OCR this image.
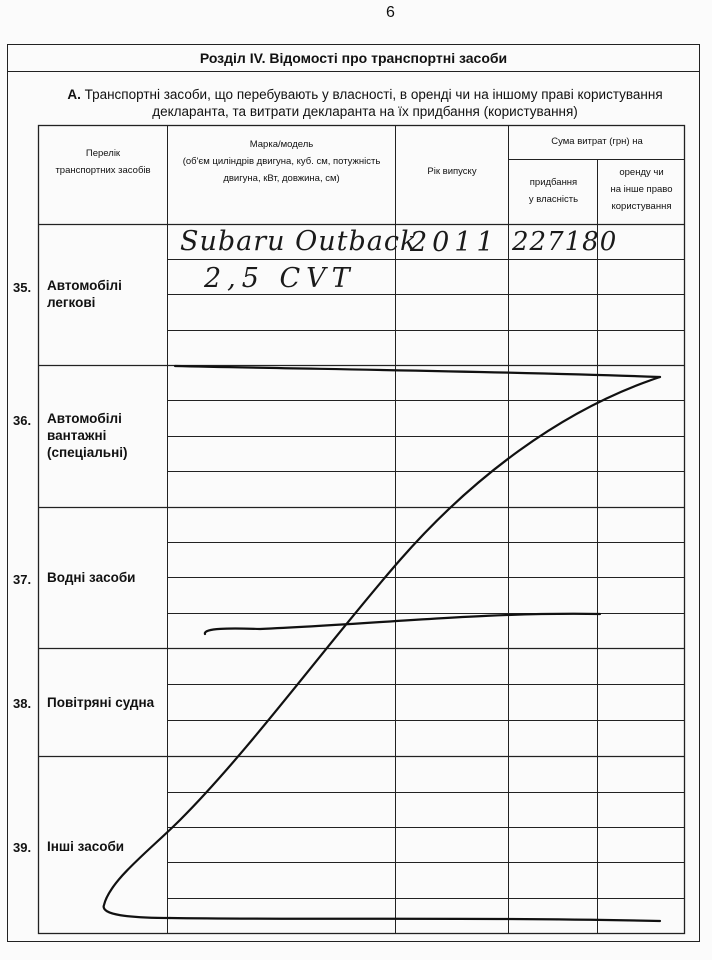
6
Розділ IV. Відомості про транспортні засоби
А. Транспортні засоби, що перебувають у власності, в оренді чи на іншому праві користування
декларанта, та витрати декларанта на їх придбання (користування)
Перелік
транспортних засобів
Марка/модель
(об'єм циліндрів двигуна, куб. см, потужність
двигуна, кВт, довжина, см)
Рік випуску
Сума витрат (грн) на
придбання
у власність
оренду чи
на інше право
користування
35. Автомобілі
легкові
36. Автомобілі
вантажні
(спеціальні)
37. Водні засоби
38. Повітряні судна
39. Інші засоби
Subaru Outback
2,5 CVT
2011 227180
